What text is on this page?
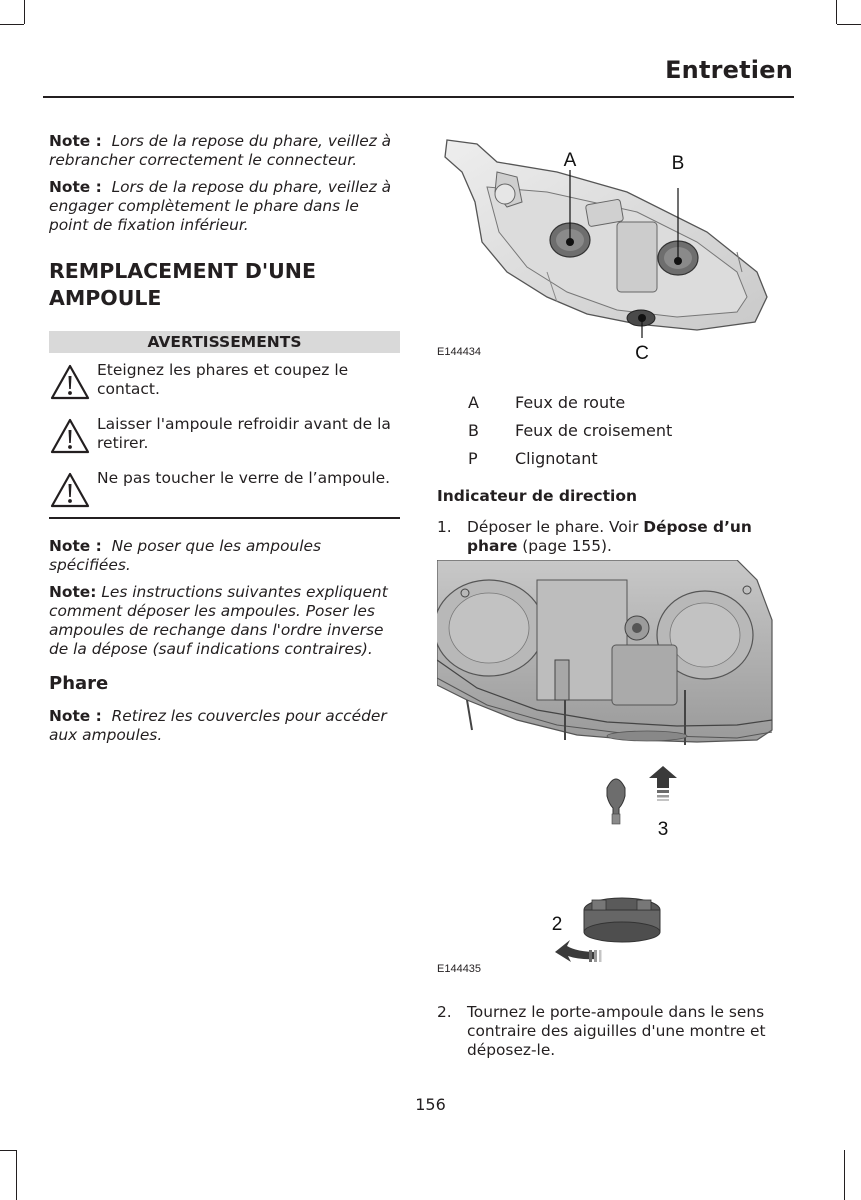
Entretien

Note : Lors de la repose du phare, veillez à rebrancher correctement le connecteur.

Note : Lors de la repose du phare, veillez à engager complètement le phare dans le point de fixation inférieur.

REMPLACEMENT D'UNE AMPOULE
AVERTISSEMENTS
Eteignez les phares et coupez le contact.
Laisser l'ampoule refroidir avant de la retirer.
Ne pas toucher le verre de l’ampoule.

Note : Ne poser que les ampoules spécifiées.

Note: Les instructions suivantes expliquent comment déposer les ampoules. Poser les ampoules de rechange dans l'ordre inverse de la dépose (sauf indications contraires).

Phare

Note : Retirez les couvercles pour accéder aux ampoules.

A	B
C
E144434
A	Feux de route
B	Feux de croisement
P	Clignotant
Indicateur de direction
1. Déposer le phare. Voir Dépose d’un phare (page 155).
3
2
E144435
2. Tournez le porte-ampoule dans le sens contraire des aiguilles d'une montre et déposez-le.
156
